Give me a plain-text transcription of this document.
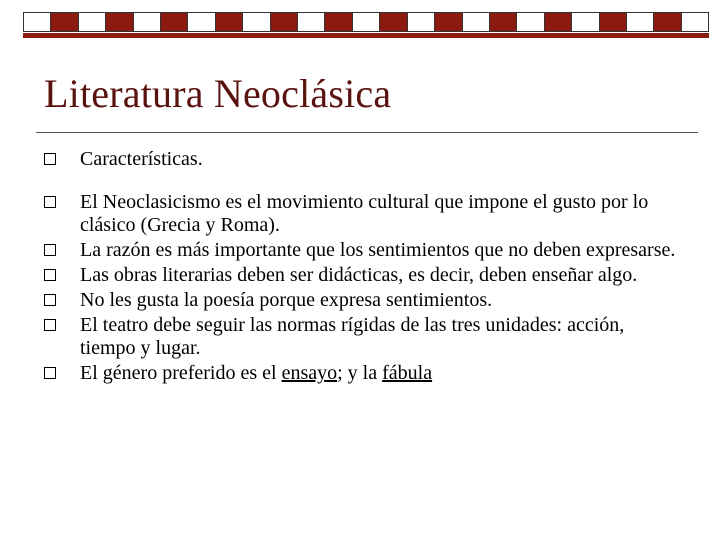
Literatura Neoclásica
Características.
El Neoclasicismo es el movimiento cultural que impone el gusto por lo clásico (Grecia y Roma).
La razón es más importante que los sentimientos que no deben expresarse.
Las obras literarias deben ser didácticas, es decir, deben enseñar algo.
No les gusta la poesía porque expresa sentimientos.
El teatro debe seguir las normas rígidas de las tres unidades: acción, tiempo y lugar.
El género preferido es el ensayo; y la fábula
